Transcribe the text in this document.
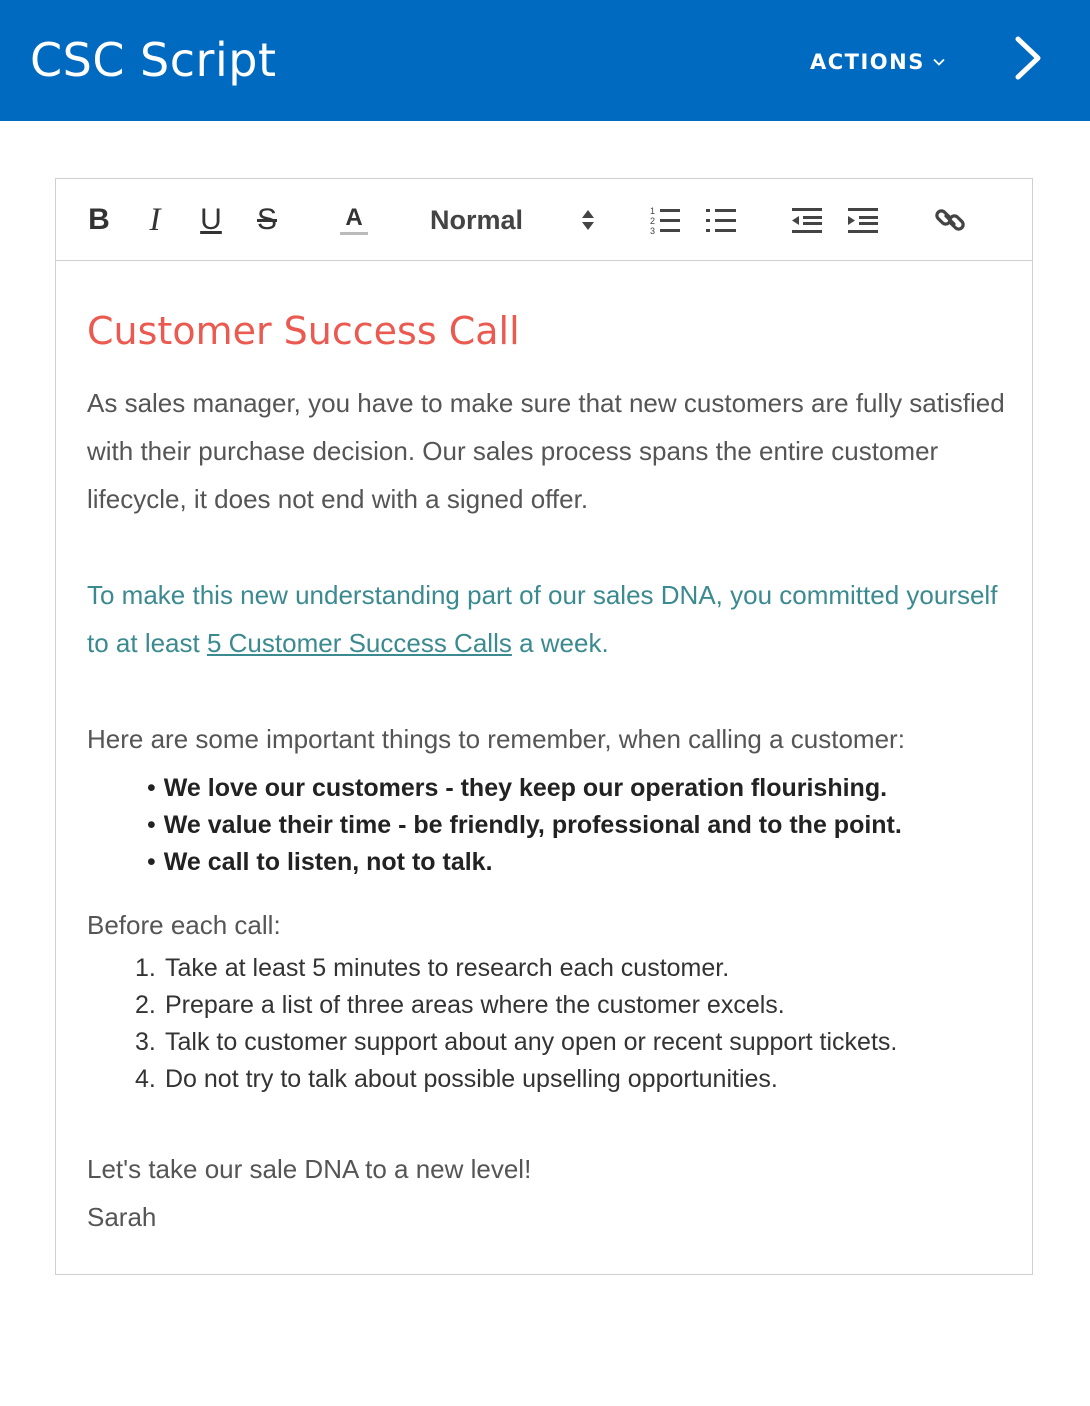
CSC Script	ACTIONS
B I U S	A Normal	1
2
3
Customer Success Call

As sales manager, you have to make sure that new customers are fully satisfied with their purchase decision. Our sales process spans the entire customer lifecycle, it does not end with a signed offer.

To make this new understanding part of our sales DNA, you committed yourself to at least 5 Customer Success Calls a week.

Here are some important things to remember, when calling a customer:

• We love our customers - they keep our operation flourishing.
• We value their time - be friendly, professional and to the point.
• We call to listen, not to talk.

Before each call:

1. Take at least 5 minutes to research each customer.
2. Prepare a list of three areas where the customer excels.
3. Talk to customer support about any open or recent support tickets.
4. Do not try to talk about possible upselling opportunities.

Let's take our sale DNA to a new level!

Sarah
